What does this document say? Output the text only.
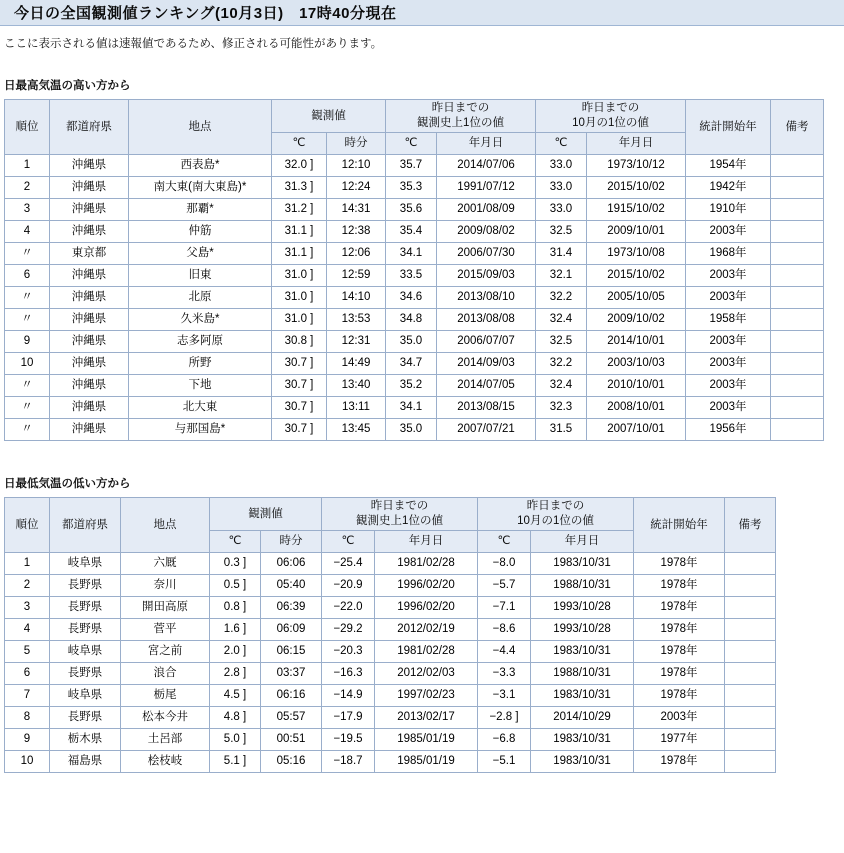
今日の全国観測値ランキング(10月3日)　17時40分現在
ここに表示される値は速報値であるため、修正される可能性があります。
日最高気温の高い方から
順位	都道府県	地点	観測値	
昨日までの
観測史上1位の値

昨日までの
10月の1位の値	統計開始年	備考
			℃	時分	℃	年月日	℃	年月日		
1	沖縄県	西表島*	32.0 ]	12:10	35.7	2014/07/06	33.0	1973/10/12	1954年	
2	沖縄県	南大東(南大東島)*	31.3 ]	12:24	35.3	1991/07/12	33.0	2015/10/02	1942年	
3	沖縄県	那覇*	31.2 ]	14:31	35.6	2001/08/09	33.0	1915/10/02	1910年	
4	沖縄県	仲筋	31.1 ]	12:38	35.4	2009/08/02	32.5	2009/10/01	2003年	
〃	東京都	父島*	31.1 ]	12:06	34.1	2006/07/30	31.4	1973/10/08	1968年	
6	沖縄県	旧東	31.0 ]	12:59	33.5	2015/09/03	32.1	2015/10/02	2003年	
〃	沖縄県	北原	31.0 ]	14:10	34.6	2013/08/10	32.2	2005/10/05	2003年	
〃	沖縄県	久米島*	31.0 ]	13:53	34.8	2013/08/08	32.4	2009/10/02	1958年	
9	沖縄県	志多阿原	30.8 ]	12:31	35.0	2006/07/07	32.5	2014/10/01	2003年	
10	沖縄県	所野	30.7 ]	14:49	34.7	2014/09/03	32.2	2003/10/03	2003年	
〃	沖縄県	下地	30.7 ]	13:40	35.2	2014/07/05	32.4	2010/10/01	2003年	
〃	沖縄県	北大東	30.7 ]	13:11	34.1	2013/08/15	32.3	2008/10/01	2003年	
〃	沖縄県	与那国島*	30.7 ]	13:45	35.0	2007/07/21	31.5	2007/10/01	1956年	
日最低気温の低い方から
順位	都道府県	地点	観測値	
昨日までの
観測史上1位の値

昨日までの
10月の1位の値	統計開始年	備考
			℃	時分	℃	年月日	℃	年月日		
1	岐阜県	六厩	0.3 ]	06:06	−25.4	1981/02/28	−8.0	1983/10/31	1978年	
2	長野県	奈川	0.5 ]	05:40	−20.9	1996/02/20	−5.7	1988/10/31	1978年	
3	長野県	開田高原	0.8 ]	06:39	−22.0	1996/02/20	−7.1	1993/10/28	1978年	
4	長野県	菅平	1.6 ]	06:09	−29.2	2012/02/19	−8.6	1993/10/28	1978年	
5	岐阜県	宮之前	2.0 ]	06:15	−20.3	1981/02/28	−4.4	1983/10/31	1978年	
6	長野県	浪合	2.8 ]	03:37	−16.3	2012/02/03	−3.3	1988/10/31	1978年	
7	岐阜県	栃尾	4.5 ]	06:16	−14.9	1997/02/23	−3.1	1983/10/31	1978年	
8	長野県	松本今井	4.8 ]	05:57	−17.9	2013/02/17	−2.8 ]	2014/10/29	2003年	
9	栃木県	土呂部	5.0 ]	00:51	−19.5	1985/01/19	−6.8	1983/10/31	1977年	
10	福島県	桧枝岐	5.1 ]	05:16	−18.7	1985/01/19	−5.1	1983/10/31	1978年	
